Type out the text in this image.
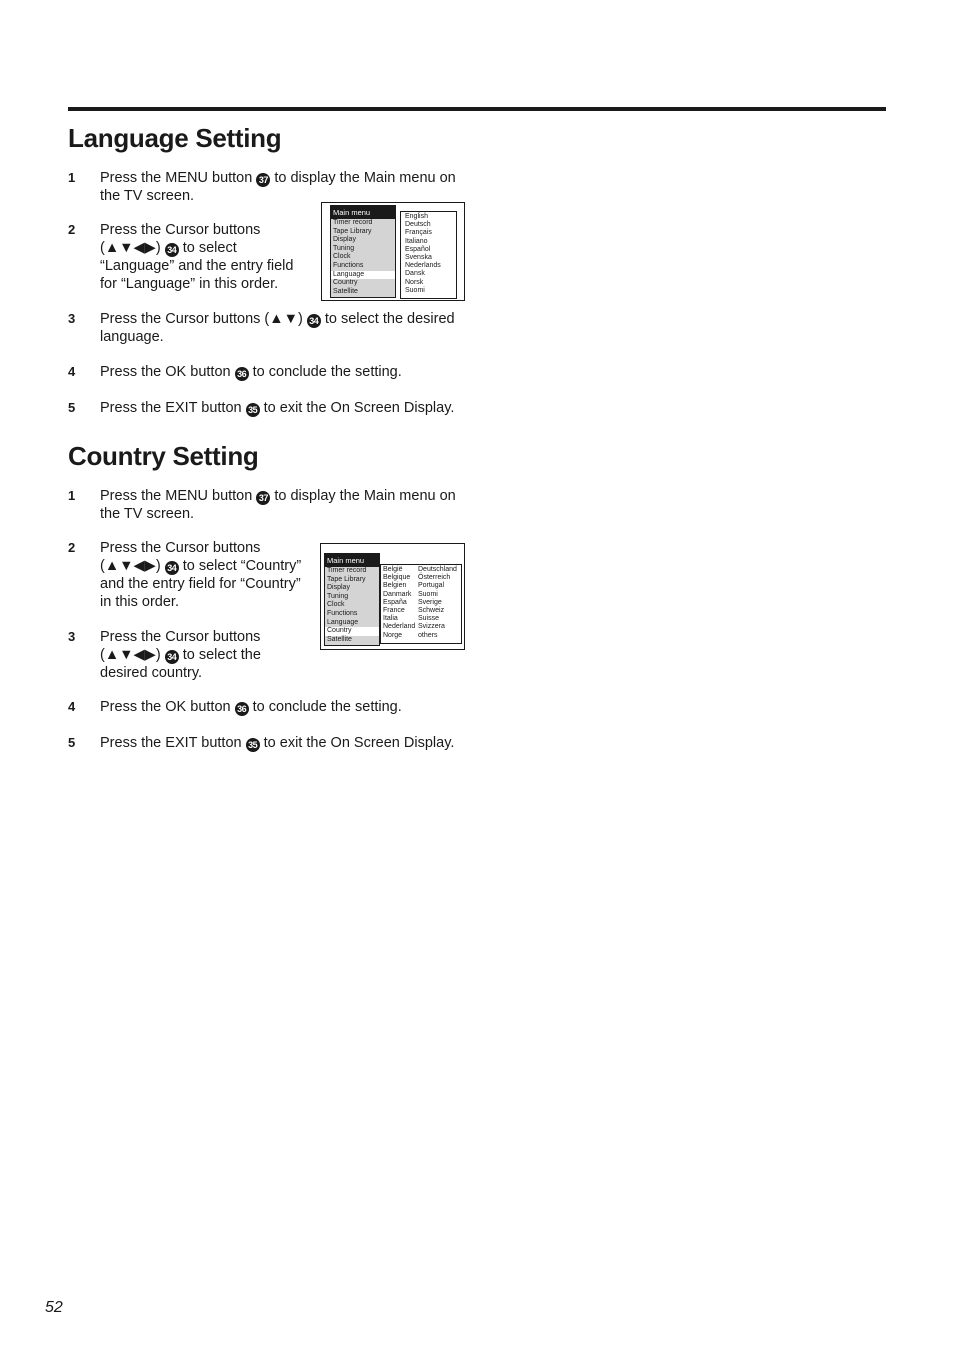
Language Setting
1 Press the MENU button 37 to display the Main menu on the TV screen.
2 Press the Cursor buttons (▲▼◀▶) 34 to select “Language” and the entry field for “Language” in this order.
3 Press the Cursor buttons (▲▼) 34 to select the desired language.
4 Press the OK button 36 to conclude the setting.
5 Press the EXIT button 35 to exit the On Screen Display.
Main menu
Timer record
Tape Library
Display
Tuning
Clock
Functions
Language
Country
Satellite
English
Deutsch
Français
Italiano
Español
Svenska
Nederlands
Dansk
Norsk
Suomi
Country Setting
1 Press the MENU button 37 to display the Main menu on the TV screen.
2 Press the Cursor buttons (▲▼◀▶) 34 to select “Country” and the entry field for “Country” in this order.
3 Press the Cursor buttons (▲▼◀▶) 34 to select the desired country.
4 Press the OK button 36 to conclude the setting.
5 Press the EXIT button 35 to exit the On Screen Display.
Main menu
Timer record
Tape Library
Display
Tuning
Clock
Functions
Language
Country
Satellite
België
Belgique
Belgien
Danmark
España
France
Italia
Nederland
Norge
Deutschland
Österreich
Portugal
Suomi
Sverige
Schweiz
Suisse
Svizzera
others
52
